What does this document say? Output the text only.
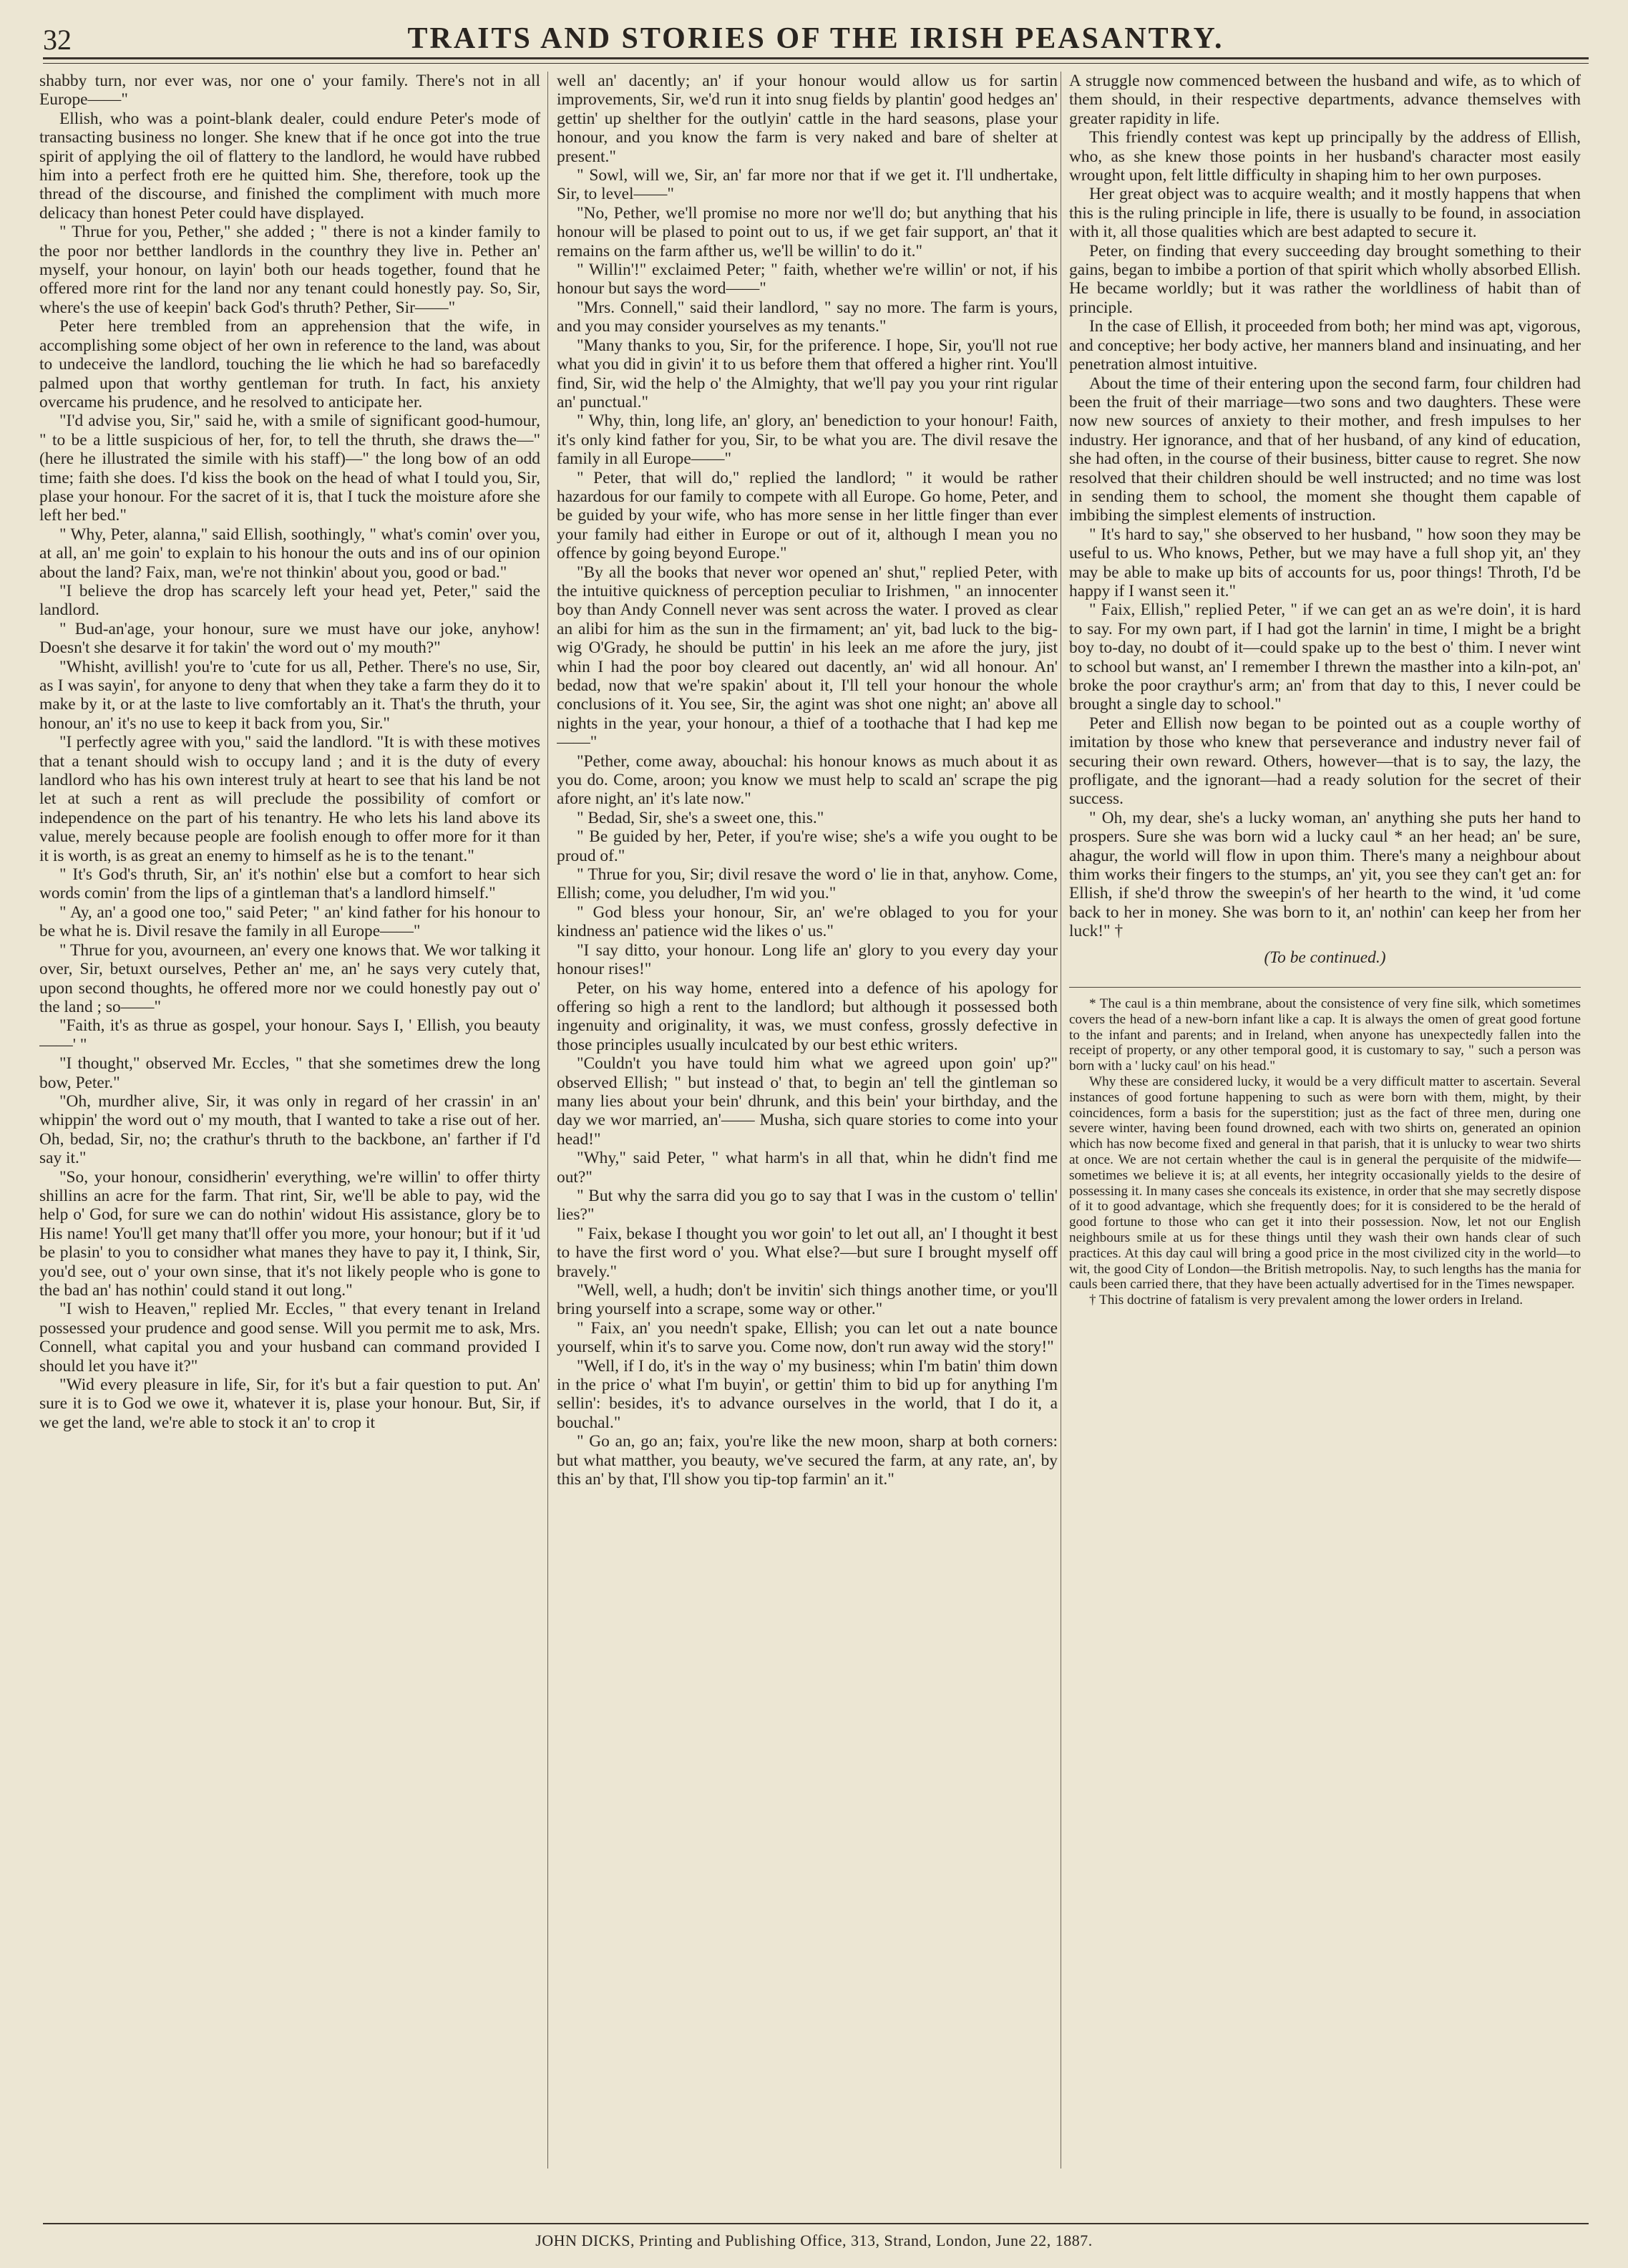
32	TRAITS AND STORIES OF THE IRISH PEASANTRY.

shabby turn, nor ever was, nor one o' your family. There's not in all Europe——"

Ellish, who was a point-blank dealer, could endure Peter's mode of transacting business no longer. She knew that if he once got into the true spirit of applying the oil of flattery to the landlord, he would have rubbed him into a perfect froth ere he quitted him. She, therefore, took up the thread of the discourse, and finished the compliment with much more delicacy than honest Peter could have displayed.

" Thrue for you, Pether," she added ; " there is not a kinder family to the poor nor betther landlords in the counthry they live in. Pether an' myself, your honour, on layin' both our heads together, found that he offered more rint for the land nor any tenant could honestly pay. So, Sir, where's the use of keepin' back God's thruth? Pether, Sir——"

Peter here trembled from an apprehension that the wife, in accomplishing some object of her own in reference to the land, was about to undeceive the landlord, touching the lie which he had so barefacedly palmed upon that worthy gentleman for truth. In fact, his anxiety overcame his prudence, and he resolved to anticipate her.

"I'd advise you, Sir," said he, with a smile of significant good-humour, " to be a little suspicious of her, for, to tell the thruth, she draws the—" (here he illustrated the simile with his staff)—" the long bow of an odd time; faith she does. I'd kiss the book on the head of what I tould you, Sir, plase your honour. For the sacret of it is, that I tuck the moisture afore she left her bed."

" Why, Peter, alanna," said Ellish, soothingly, " what's comin' over you, at all, an' me goin' to explain to his honour the outs and ins of our opinion about the land? Faix, man, we're not thinkin' about you, good or bad."

"I believe the drop has scarcely left your head yet, Peter," said the landlord.

" Bud-an'age, your honour, sure we must have our joke, anyhow! Doesn't she desarve it for takin' the word out o' my mouth?"

"Whisht, avillish! you're to 'cute for us all, Pether. There's no use, Sir, as I was sayin', for anyone to deny that when they take a farm they do it to make by it, or at the laste to live comfortably an it. That's the thruth, your honour, an' it's no use to keep it back from you, Sir."

"I perfectly agree with you," said the landlord. "It is with these motives that a tenant should wish to occupy land ; and it is the duty of every landlord who has his own interest truly at heart to see that his land be not let at such a rent as will preclude the possibility of comfort or independence on the part of his tenantry. He who lets his land above its value, merely because people are foolish enough to offer more for it than it is worth, is as great an enemy to himself as he is to the tenant."

" It's God's thruth, Sir, an' it's nothin' else but a comfort to hear sich words comin' from the lips of a gintleman that's a landlord himself."

" Ay, an' a good one too," said Peter; " an' kind father for his honour to be what he is. Divil resave the family in all Europe——"

" Thrue for you, avourneen, an' every one knows that. We wor talking it over, Sir, betuxt ourselves, Pether an' me, an' he says very cutely that, upon second thoughts, he offered more nor we could honestly pay out o' the land ; so——"

"Faith, it's as thrue as gospel, your honour. Says I, ' Ellish, you beauty——' "

"I thought," observed Mr. Eccles, " that she sometimes drew the long bow, Peter."

"Oh, murdher alive, Sir, it was only in regard of her crassin' in an' whippin' the word out o' my mouth, that I wanted to take a rise out of her. Oh, bedad, Sir, no; the crathur's thruth to the backbone, an' farther if I'd say it."

"So, your honour, considherin' everything, we're willin' to offer thirty shillins an acre for the farm. That rint, Sir, we'll be able to pay, wid the help o' God, for sure we can do nothin' widout His assistance, glory be to His name! You'll get many that'll offer you more, your honour; but if it 'ud be plasin' to you to considher what manes they have to pay it, I think, Sir, you'd see, out o' your own sinse, that it's not likely people who is gone to the bad an' has nothin' could stand it out long."

"I wish to Heaven," replied Mr. Eccles, " that every tenant in Ireland possessed your prudence and good sense. Will you permit me to ask, Mrs. Connell, what capital you and your husband can command provided I should let you have it?"

"Wid every pleasure in life, Sir, for it's but a fair question to put. An' sure it is to God we owe it, whatever it is, plase your honour. But, Sir, if we get the land, we're able to stock it an' to crop it

well an' dacently; an' if your honour would allow us for sartin improvements, Sir, we'd run it into snug fields by plantin' good hedges an' gettin' up shelther for the outlyin' cattle in the hard seasons, plase your honour, and you know the farm is very naked and bare of shelter at present."

" Sowl, will we, Sir, an' far more nor that if we get it. I'll undhertake, Sir, to level——"

"No, Pether, we'll promise no more nor we'll do; but anything that his honour will be plased to point out to us, if we get fair support, an' that it remains on the farm afther us, we'll be willin' to do it."

" Willin'!" exclaimed Peter; " faith, whether we're willin' or not, if his honour but says the word——"

"Mrs. Connell," said their landlord, " say no more. The farm is yours, and you may consider yourselves as my tenants."

"Many thanks to you, Sir, for the priference. I hope, Sir, you'll not rue what you did in givin' it to us before them that offered a higher rint. You'll find, Sir, wid the help o' the Almighty, that we'll pay you your rint rigular an' punctual."

" Why, thin, long life, an' glory, an' benediction to your honour! Faith, it's only kind father for you, Sir, to be what you are. The divil resave the family in all Europe——"

" Peter, that will do," replied the landlord; " it would be rather hazardous for our family to compete with all Europe. Go home, Peter, and be guided by your wife, who has more sense in her little finger than ever your family had either in Europe or out of it, although I mean you no offence by going beyond Europe."

"By all the books that never wor opened an' shut," replied Peter, with the intuitive quickness of perception peculiar to Irishmen, " an innocenter boy than Andy Connell never was sent across the water. I proved as clear an alibi for him as the sun in the firmament; an' yit, bad luck to the big-wig O'Grady, he should be puttin' in his leek an me afore the jury, jist whin I had the poor boy cleared out dacently, an' wid all honour. An' bedad, now that we're spakin' about it, I'll tell your honour the whole conclusions of it. You see, Sir, the agint was shot one night; an' above all nights in the year, your honour, a thief of a toothache that I had kep me——"

"Pether, come away, abouchal: his honour knows as much about it as you do. Come, aroon; you know we must help to scald an' scrape the pig afore night, an' it's late now."

" Bedad, Sir, she's a sweet one, this."

" Be guided by her, Peter, if you're wise; she's a wife you ought to be proud of."

" Thrue for you, Sir; divil resave the word o' lie in that, anyhow. Come, Ellish; come, you deludher, I'm wid you."

" God bless your honour, Sir, an' we're oblaged to you for your kindness an' patience wid the likes o' us."

"I say ditto, your honour. Long life an' glory to you every day your honour rises!"

Peter, on his way home, entered into a defence of his apology for offering so high a rent to the landlord; but although it possessed both ingenuity and originality, it was, we must confess, grossly defective in those principles usually inculcated by our best ethic writers.

"Couldn't you have tould him what we agreed upon goin' up?" observed Ellish; " but instead o' that, to begin an' tell the gintleman so many lies about your bein' dhrunk, and this bein' your birthday, and the day we wor married, an'—— Musha, sich quare stories to come into your head!"

"Why," said Peter, " what harm's in all that, whin he didn't find me out?"

" But why the sarra did you go to say that I was in the custom o' tellin' lies?"

" Faix, bekase I thought you wor goin' to let out all, an' I thought it best to have the first word o' you. What else?—but sure I brought myself off bravely."

"Well, well, a hudh; don't be invitin' sich things another time, or you'll bring yourself into a scrape, some way or other."

" Faix, an' you needn't spake, Ellish; you can let out a nate bounce yourself, whin it's to sarve you. Come now, don't run away wid the story!"

"Well, if I do, it's in the way o' my business; whin I'm batin' thim down in the price o' what I'm buyin', or gettin' thim to bid up for anything I'm sellin': besides, it's to advance ourselves in the world, that I do it, a bouchal."

" Go an, go an; faix, you're like the new moon, sharp at both corners: but what matther, you beauty, we've secured the farm, at any rate, an', by this an' by that, I'll show you tip-top farmin' an it."

A struggle now commenced between the husband and wife, as to which of them should, in their respective departments, advance themselves with greater rapidity in life.

This friendly contest was kept up principally by the address of Ellish, who, as she knew those points in her husband's character most easily wrought upon, felt little difficulty in shaping him to her own purposes.

Her great object was to acquire wealth; and it mostly happens that when this is the ruling principle in life, there is usually to be found, in association with it, all those qualities which are best adapted to secure it.

Peter, on finding that every succeeding day brought something to their gains, began to imbibe a portion of that spirit which wholly absorbed Ellish. He became worldly; but it was rather the worldliness of habit than of principle.

In the case of Ellish, it proceeded from both; her mind was apt, vigorous, and conceptive; her body active, her manners bland and insinuating, and her penetration almost intuitive.

About the time of their entering upon the second farm, four children had been the fruit of their marriage—two sons and two daughters. These were now new sources of anxiety to their mother, and fresh impulses to her industry. Her ignorance, and that of her husband, of any kind of education, she had often, in the course of their business, bitter cause to regret. She now resolved that their children should be well instructed; and no time was lost in sending them to school, the moment she thought them capable of imbibing the simplest elements of instruction.

" It's hard to say," she observed to her husband, " how soon they may be useful to us. Who knows, Pether, but we may have a full shop yit, an' they may be able to make up bits of accounts for us, poor things! Throth, I'd be happy if I wanst seen it."

" Faix, Ellish," replied Peter, " if we can get an as we're doin', it is hard to say. For my own part, if I had got the larnin' in time, I might be a bright boy to-day, no doubt of it—could spake up to the best o' thim. I never wint to school but wanst, an' I remember I threwn the masther into a kiln-pot, an' broke the poor craythur's arm; an' from that day to this, I never could be brought a single day to school."

Peter and Ellish now began to be pointed out as a couple worthy of imitation by those who knew that perseverance and industry never fail of securing their own reward. Others, however—that is to say, the lazy, the profligate, and the ignorant—had a ready solution for the secret of their success.

" Oh, my dear, she's a lucky woman, an' anything she puts her hand to prospers. Sure she was born wid a lucky caul * an her head; an' be sure, ahagur, the world will flow in upon thim. There's many a neighbour about thim works their fingers to the stumps, an' yit, you see they can't get an: for Ellish, if she'd throw the sweepin's of her hearth to the wind, it 'ud come back to her in money. She was born to it, an' nothin' can keep her from her luck!" †

(To be continued.)

* The caul is a thin membrane, about the consistence of very fine silk, which sometimes covers the head of a new-born infant like a cap. It is always the omen of great good fortune to the infant and parents; and in Ireland, when anyone has unexpectedly fallen into the receipt of property, or any other temporal good, it is customary to say, " such a person was born with a ' lucky caul' on his head."

Why these are considered lucky, it would be a very difficult matter to ascertain. Several instances of good fortune happening to such as were born with them, might, by their coincidences, form a basis for the superstition; just as the fact of three men, during one severe winter, having been found drowned, each with two shirts on, generated an opinion which has now become fixed and general in that parish, that it is unlucky to wear two shirts at once. We are not certain whether the caul is in general the perquisite of the midwife—sometimes we believe it is; at all events, her integrity occasionally yields to the desire of possessing it. In many cases she conceals its existence, in order that she may secretly dispose of it to good advantage, which she frequently does; for it is considered to be the herald of good fortune to those who can get it into their possession. Now, let not our English neighbours smile at us for these things until they wash their own hands clear of such practices. At this day caul will bring a good price in the most civilized city in the world—to wit, the good City of London—the British metropolis. Nay, to such lengths has the mania for cauls been carried there, that they have been actually advertised for in the Times newspaper.

† This doctrine of fatalism is very prevalent among the lower orders in Ireland.

JOHN DICKS, Printing and Publishing Office, 313, Strand, London, June 22, 1887.
